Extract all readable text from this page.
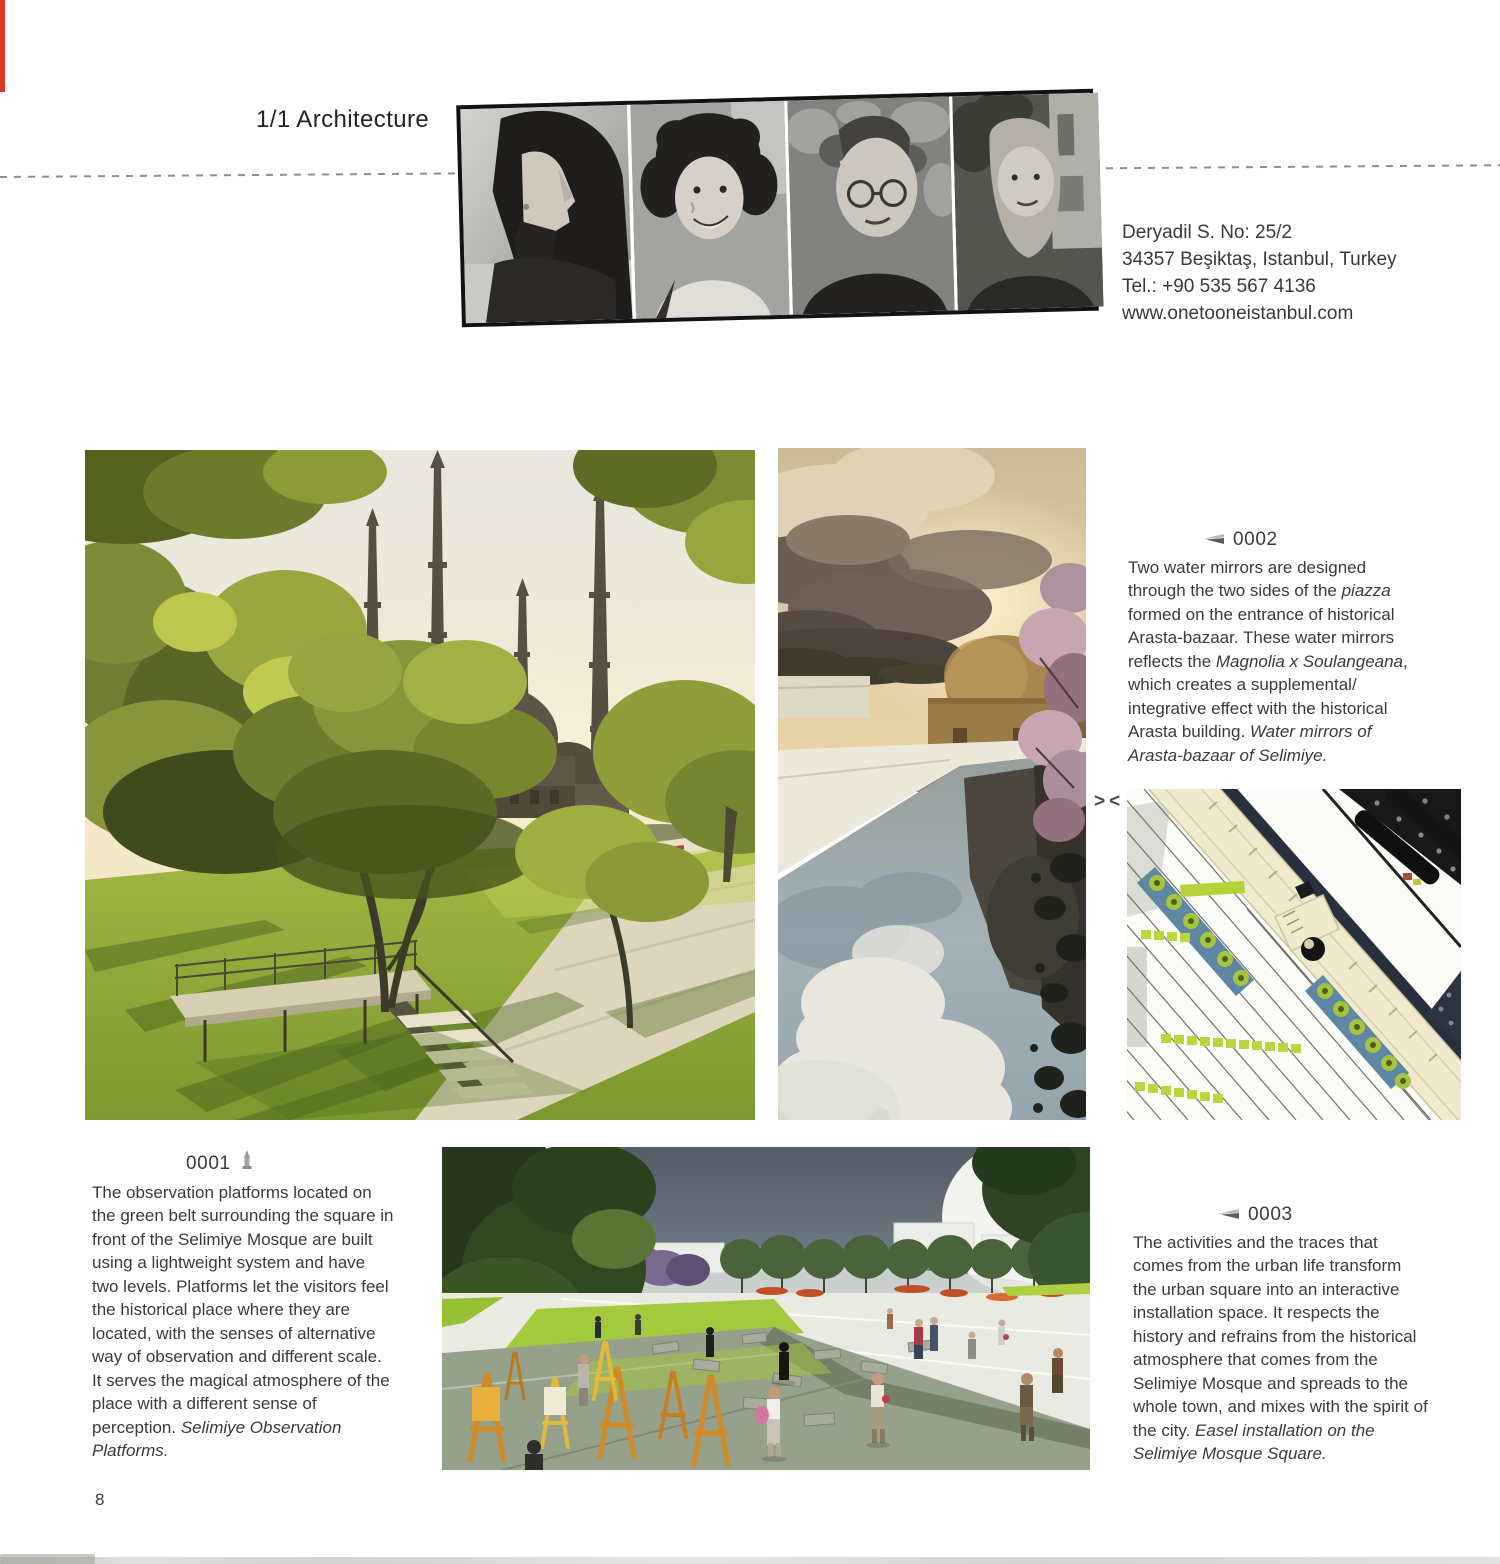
1/1 Architecture
Deryadil S. No: 25/2
34357 Beşiktaş, Istanbul, Turkey
Tel.: +90 535 567 4136
www.onetooneistanbul.com
><
0002

Two water mirrors are designed through the two sides of the piazza formed on the entrance of historical Arasta-bazaar. These water mirrors reflects the Magnolia x Soulangeana, which creates a supplemental/ integrative effect with the historical Arasta building. Water mirrors of Arasta-bazaar of Selimiye.

0001

The observation platforms located on the green belt surrounding the square in front of the Selimiye Mosque are built using a lightweight system and have two levels. Platforms let the visitors feel the historical place where they are located, with the senses of alternative way of observation and different scale. It serves the magical atmosphere of the place with a different sense of perception. Selimiye Observation Platforms.

0003

The activities and the traces that comes from the urban life transform the urban square into an interactive installation space. It respects the history and refrains from the historical atmosphere that comes from the Selimiye Mosque and spreads to the whole town, and mixes with the spirit of the city. Easel installation on the Selimiye Mosque Square.

8
